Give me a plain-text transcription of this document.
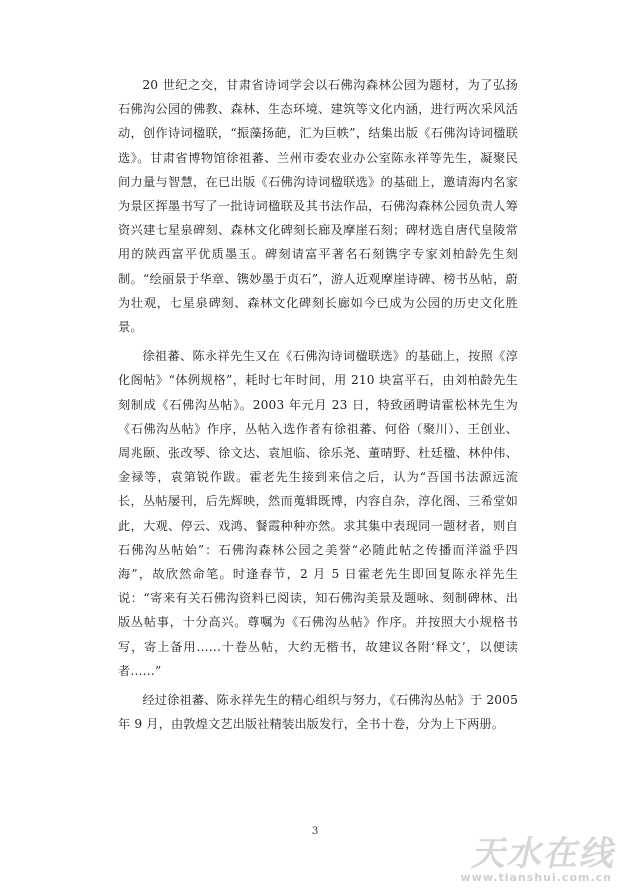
20 世纪之交，甘肃省诗词学会以石佛沟森林公园为题材，为了弘扬石佛沟公园的佛教、森林、生态环境、建筑等文化内涵，进行两次采风活动，创作诗词楹联，“振藻扬葩，汇为巨帙”，结集出版《石佛沟诗词楹联选》。甘肃省博物馆徐祖蕃、兰州市委农业办公室陈永祥等先生，凝聚民间力量与智慧，在已出版《石佛沟诗词楹联选》的基础上，邀请海内名家为景区挥墨书写了一批诗词楹联及其书法作品，石佛沟森林公园负责人筹资兴建七星泉碑刻、森林文化碑刻长廊及摩崖石刻；碑材选自唐代皇陵常用的陕西富平优质墨玉。碑刻请富平著名石刻镌字专家刘柏龄先生刻制。“绘丽景于华章、镌妙墨于贞石”，游人近观摩崖诗碑、榜书丛帖，蔚为壮观，七星泉碑刻、森林文化碑刻长廊如今已成为公园的历史文化胜景。

徐祖蕃、陈永祥先生又在《石佛沟诗词楹联选》的基础上，按照《淳化阁帖》“体例规格”，耗时七年时间，用 210 块富平石，由刘柏龄先生刻制成《石佛沟丛帖》。2003 年元月 23 日，特致函聘请霍松林先生为《石佛沟丛帖》作序，丛帖入选作者有徐祖蕃、何俗（聚川）、王创业、周兆颐、张改琴、徐文达、袁旭临、徐乐尧、董晴野、杜廷楹、林仲伟、金禄等，袁第锐作跋。霍老先生接到来信之后，认为“吾国书法源远流长，丛帖屡刊，后先辉映，然而蒐辑既博，内容自杂，淳化阁、三希堂如此，大观、停云、戏鸿、餐霞种种亦然。求其集中表现同一题材者，则自石佛沟丛帖始”：石佛沟森林公园之美誉“必随此帖之传播而洋溢乎四海”，故欣然命笔。时逢春节，2 月 5 日霍老先生即回复陈永祥先生说：“寄来有关石佛沟资料已阅读，知石佛沟美景及题咏、刻制碑林、出版丛帖事，十分高兴。尊嘱为《石佛沟丛帖》作序。并按照大小规格书写，寄上备用……十卷丛帖，大约无楷书，故建议各附‘释文’，以便读者……”

经过徐祖蕃、陈永祥先生的精心组织与努力，《石佛沟丛帖》于 2005 年 9 月，由敦煌文艺出版社精装出版发行，全书十卷，分为上下两册。

3
天水在线
www.tianshui.com.cn
